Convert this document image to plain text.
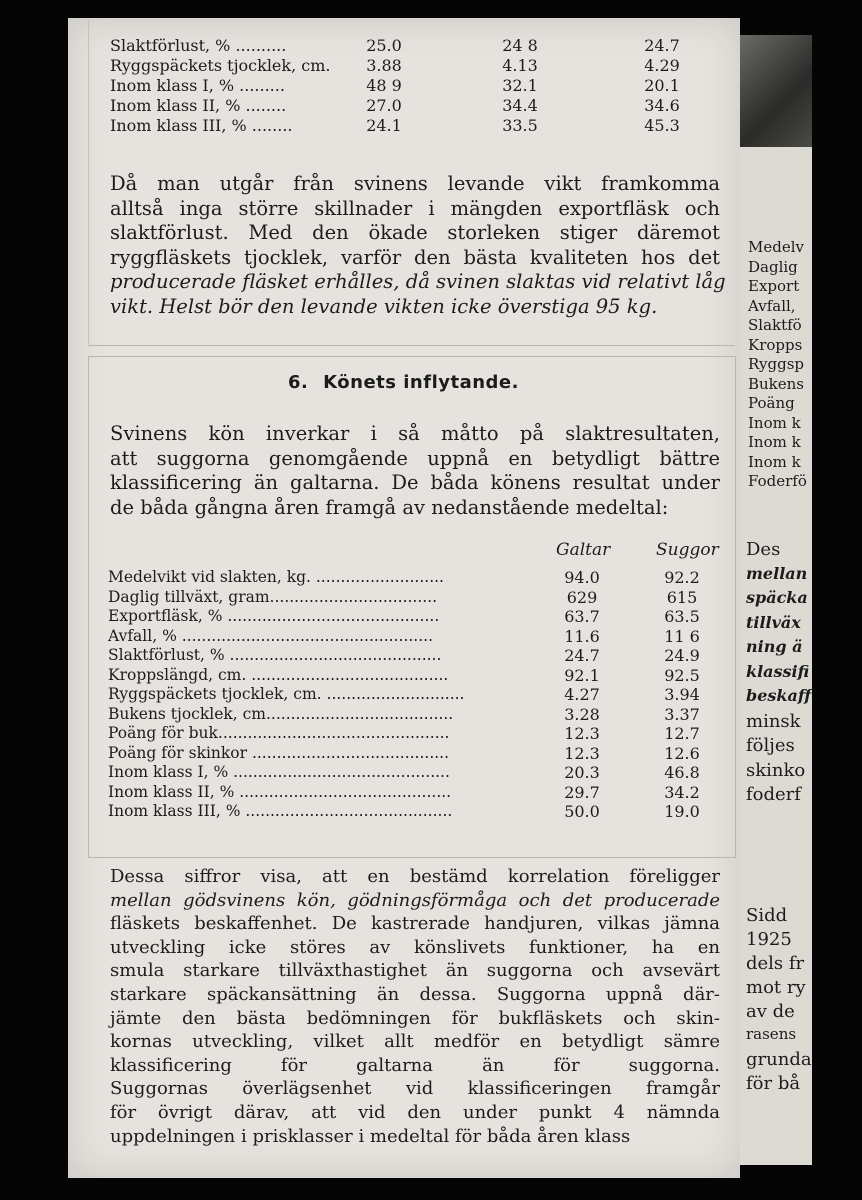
Medelv
Daglig
Export
Avfall,
Slaktfö
Kropps
Ryggsp
Bukens
Poäng
Inom k
Inom k
Inom k
Foderfö
Des
mellan
späcka
tillväx
ning ä
klassifi
beskaff
minsk
följes
skinko
foderf
Sidd
1925
dels fr
mot ry
av de
rasens
grunda
för bå
Slaktförlust, % ..........	25.0	24 8	24.7
Ryggspäckets tjocklek, cm.	3.88	4.13	4.29
Inom klass I, % .........	48 9	32.1	20.1
Inom klass II, % ........	27.0	34.4	34.6
Inom klass III, % ........	24.1	33.5	45.3
Då man utgår från svinens levande vikt framkomma
alltså inga större skillnader i mängden exportfläsk och
slaktförlust. Med den ökade storleken stiger däremot
ryggfläskets tjocklek, varför den bästa kvaliteten hos det
producerade fläsket erhålles, då svinen slaktas vid relativt låg
vikt. Helst bör den levande vikten icke överstiga 95 kg.
6. Könets inflytande.
Svinens kön inverkar i så måtto på slaktresultaten,
att suggorna genomgående uppnå en betydligt bättre
klassificering än galtarna. De båda könens resultat under
de båda gångna åren framgå av nedanstående medeltal:
Galtar	Suggor
Medelvikt vid slakten, kg. ..........................	94.0	92.2
Daglig tillväxt, gram..................................	629	615
Exportfläsk, % ...........................................	63.7	63.5
Avfall, % ...................................................	11.6	11 6
Slaktförlust, % ...........................................	24.7	24.9
Kroppslängd, cm. ........................................	92.1	92.5
Ryggspäckets tjocklek, cm. ............................	4.27	3.94
Bukens tjocklek, cm......................................	3.28	3.37
Poäng för buk...............................................	12.3	12.7
Poäng för skinkor ........................................	12.3	12.6
Inom klass I, % ............................................	20.3	46.8
Inom klass II, % ...........................................	29.7	34.2
Inom klass III, % ..........................................	50.0	19.0
Dessa siffror visa, att en bestämd korrelation föreligger
mellan gödsvinens kön, gödningsförmåga och det producerade
fläskets beskaffenhet. De kastrerade handjuren, vilkas jämna
utveckling icke störes av könslivets funktioner, ha en
smula starkare tillväxthastighet än suggorna och avsevärt
starkare späckansättning än dessa. Suggorna uppnå där-
jämte den bästa bedömningen för bukfläskets och skin-
kornas utveckling, vilket allt medför en betydligt sämre
klassificering för galtarna än för suggorna.
Suggornas överlägsenhet vid klassificeringen framgår
för övrigt därav, att vid den under punkt 4 nämnda
uppdelningen i prisklasser i medeltal för båda åren klass
